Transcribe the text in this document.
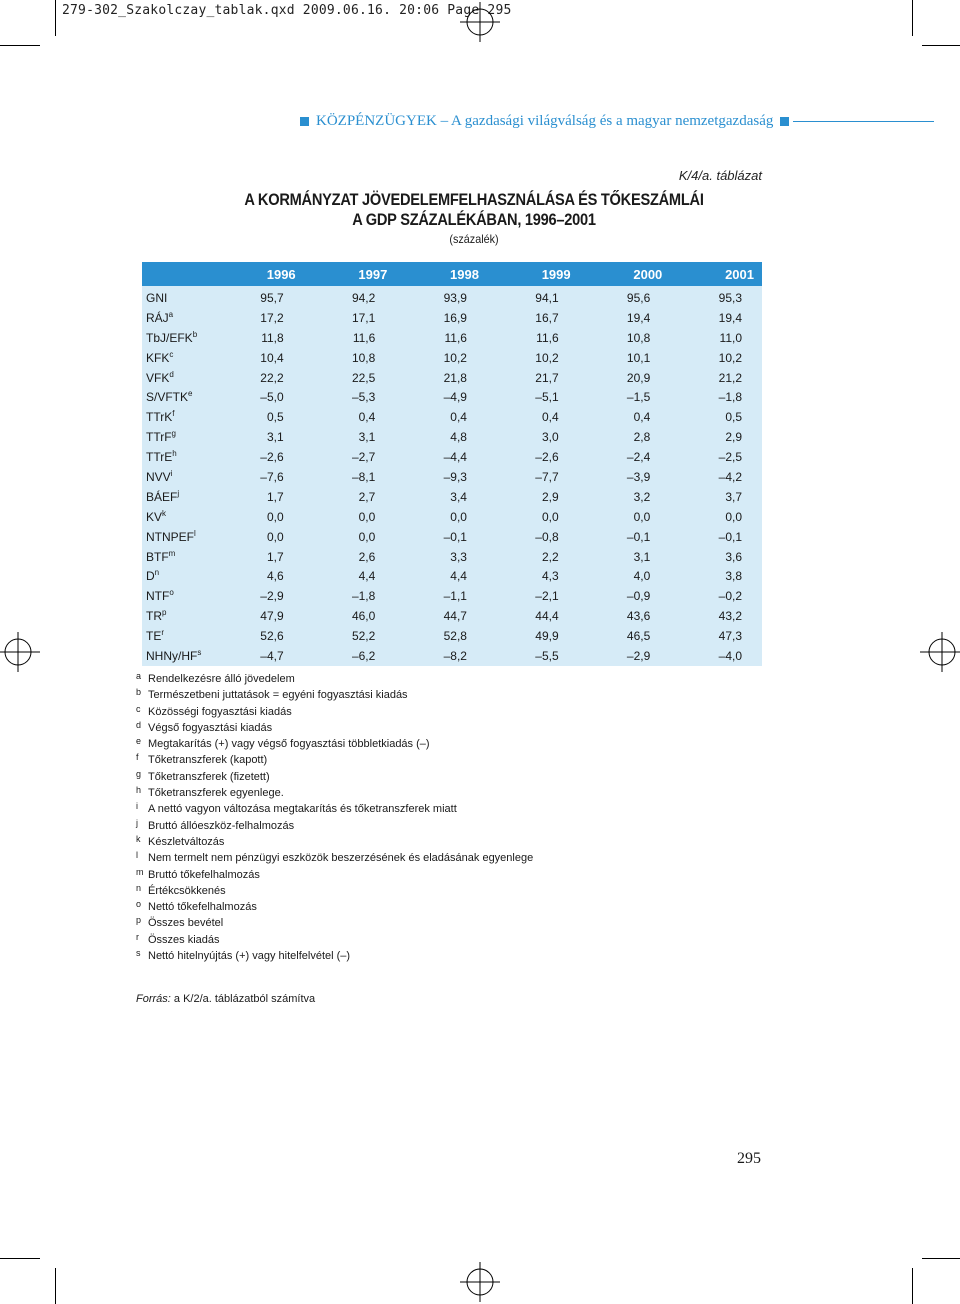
279-302_Szakolczay_tablak.qxd 2009.06.16. 20:06 Page 295
KÖZPÉNZÜGYEK – A gazdasági világválság és a magyar nemzetgazdaság
K/4/a. táblázat
A KORMÁNYZAT JÖVEDELEMFELHASZNÁLÁSA ÉS TŐKESZÁMLÁI
A GDP SZÁZALÉKÁBAN, 1996–2001
(százalék)
	1996	1997	1998	1999	2000	2001
GNI	95,7	94,2	93,9	94,1	95,6	95,3
RÁJ$^a$	17,2	17,1	16,9	16,7	19,4	19,4
TbJ/EFK$^b$	11,8	11,6	11,6	11,6	10,8	11,0
KFK$^c$	10,4	10,8	10,2	10,2	10,1	10,2
VFK$^d$	22,2	22,5	21,8	21,7	20,9	21,2
S/VFTK$^e$	–5,0	–5,3	–4,9	–5,1	–1,5	–1,8
TTrK$^f$	0,5	0,4	0,4	0,4	0,4	0,5
TTrF$^g$	3,1	3,1	4,8	3,0	2,8	2,9
TTrE$^h$	–2,6	–2,7	–4,4	–2,6	–2,4	–2,5
NVV$^i$	–7,6	–8,1	–9,3	–7,7	–3,9	–4,2
BÁEF$^j$	1,7	2,7	3,4	2,9	3,2	3,7
$KV^k$	0,0	0,0	0,0	0,0	0,0	0,0
NTNPEF$^l$	0,0	0,0	–0,1	–0,8	–0,1	–0,1
BTF$^m$	1,7	2,6	3,3	2,2	3,1	3,6
$D^n$	4,6	4,4	4,4	4,3	4,0	3,8
NTF$^o$	–2,9	–1,8	–1,1	–2,1	–0,9	–0,2
$TR^p$	47,9	46,0	44,7	44,4	43,6	43,2
$TE^r$	52,6	52,2	52,8	49,9	46,5	47,3
NHNy/$HF^s$	–4,7	–6,2	–8,2	–5,5	–2,9	–4,0
a Rendelkezésre álló jövedelem
b Természetbeni juttatások = egyéni fogyasztási kiadás
c Közösségi fogyasztási kiadás
d Végső fogyasztási kiadás
e Megtakarítás (+) vagy végső fogyasztási többletkiadás (–)
f Tőketranszferek (kapott)
g Tőketranszferek (fizetett)
h Tőketranszferek egyenlege.
i A nettó vagyon változása megtakarítás és tőketranszferek miatt
j Bruttó állóeszköz-felhalmozás
k Készletváltozás
l Nem termelt nem pénzügyi eszközök beszerzésének és eladásának egyenlege
m Bruttó tőkefelhalmozás
n Értékcsökkenés
o Nettó tőkefelhalmozás
p Összes bevétel
r Összes kiadás
s Nettó hitelnyújtás (+) vagy hitelfelvétel (–)
Forrás: a K/2/a. táblázatból számítva
295
